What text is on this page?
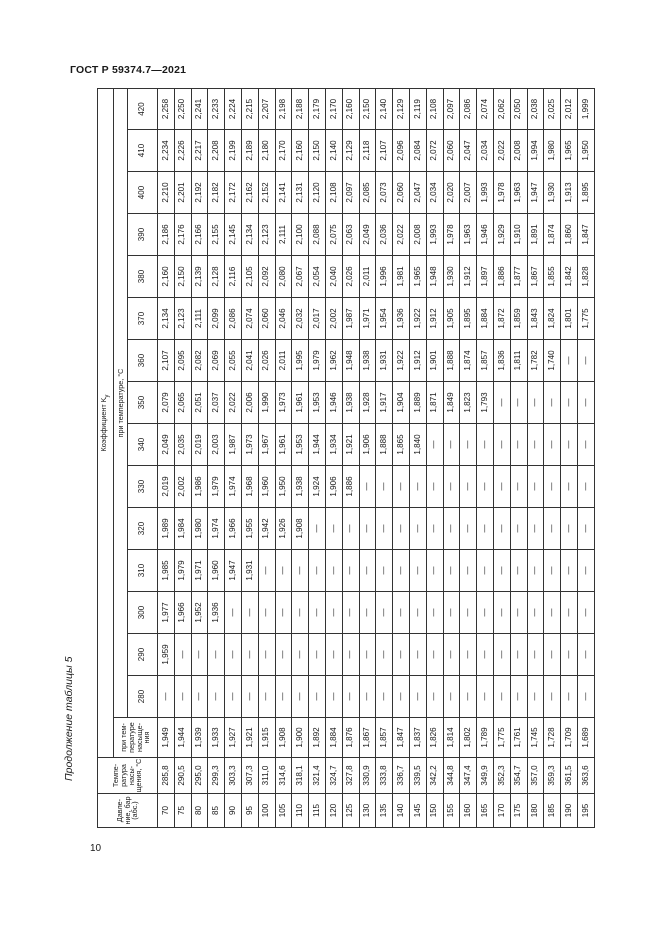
ГОСТ Р 59374.7—2021
Продолжение таблицы 5
Давле-ние, бар (абс.)	Темпе-ратура насы-щения, °C	Коэффициент $K_у$
		при тем-пературе насыще-ния	при температуре, °C														
			280	290	300	310	320	330	340	350	360	370	380	390	400	410	420
70	285,8	1,949	—	1,959	1,977	1,985	1,989	2,019	2,049	2,079	2,107	2,134	2,160	2,186	2,210	2,234	2,258
75	290,5	1,944	—	—	1,966	1,979	1,984	2,002	2,035	2,065	2,095	2,123	2,150	2,176	2,201	2,226	2,250
80	295,0	1,939	—	—	1,952	1,971	1,980	1,986	2,019	2,051	2,082	2,111	2,139	2,166	2,192	2,217	2,241
85	299,3	1,933	—	—	1,936	1,960	1,974	1,979	2,003	2,037	2,069	2,099	2,128	2,155	2,182	2,208	2,233
90	303,3	1,927	—	—	—	1,947	1,966	1,974	1,987	2,022	2,055	2,086	2,116	2,145	2,172	2,199	2,224
95	307,3	1,921	—	—	—	1,931	1,955	1,968	1,973	2,006	2,041	2,074	2,105	2,134	2,162	2,189	2,215
100	311,0	1,915	—	—	—	—	1,942	1,960	1,967	1,990	2,026	2,060	2,092	2,123	2,152	2,180	2,207
105	314,6	1,908	—	—	—	—	1,926	1,950	1,961	1,973	2,011	2,046	2,080	2,111	2,141	2,170	2,198
110	318,1	1,900	—	—	—	—	1,908	1,938	1,953	1,961	1,995	2,032	2,067	2,100	2,131	2,160	2,188
115	321,4	1,892	—	—	—	—	—	1,924	1,944	1,953	1,979	2,017	2,054	2,088	2,120	2,150	2,179
120	324,7	1,884	—	—	—	—	—	1,906	1,934	1,946	1,962	2,002	2,040	2,075	2,108	2,140	2,170
125	327,8	1,876	—	—	—	—	—	1,886	1,921	1,938	1,948	1,987	2,026	2,063	2,097	2,129	2,160
130	330,9	1,867	—	—	—	—	—	—	1,906	1,928	1,938	1,971	2,011	2,049	2,085	2,118	2,150
135	333,8	1,857	—	—	—	—	—	—	1,888	1,917	1,931	1,954	1,996	2,036	2,073	2,107	2,140
140	336,7	1,847	—	—	—	—	—	—	1,865	1,904	1,922	1,936	1,981	2,022	2,060	2,096	2,129
145	339,5	1,837	—	—	—	—	—	—	1,840	1,889	1,912	1,922	1,965	2,008	2,047	2,084	2,119
150	342,2	1,826	—	—	—	—	—	—	—	1,871	1,901	1,912	1,948	1,993	2,034	2,072	2,108
155	344,8	1,814	—	—	—	—	—	—	—	1,849	1,888	1,905	1,930	1,978	2,020	2,060	2,097
160	347,4	1,802	—	—	—	—	—	—	—	1,823	1,874	1,895	1,912	1,963	2,007	2,047	2,086
165	349,9	1,789	—	—	—	—	—	—	—	1,793	1,857	1,884	1,897	1,946	1,993	2,034	2,074
170	352,3	1,775	—	—	—	—	—	—	—	—	1,836	1,872	1,886	1,929	1,978	2,022	2,062
175	354,7	1,761	—	—	—	—	—	—	—	—	1,811	1,859	1,877	1,910	1,963	2,008	2,050
180	357,0	1,745	—	—	—	—	—	—	—	—	1,782	1,843	1,867	1,891	1,947	1,994	2,038
185	359,3	1,728	—	—	—	—	—	—	—	—	1,740	1,824	1,855	1,874	1,930	1,980	2,025
190	361,5	1,709	—	—	—	—	—	—	—	—	—	1,801	1,842	1,860	1,913	1,965	2,012
195	363,6	1,689	—	—	—	—	—	—	—	—	—	1,775	1,828	1,847	1,895	1,950	1,999
10
